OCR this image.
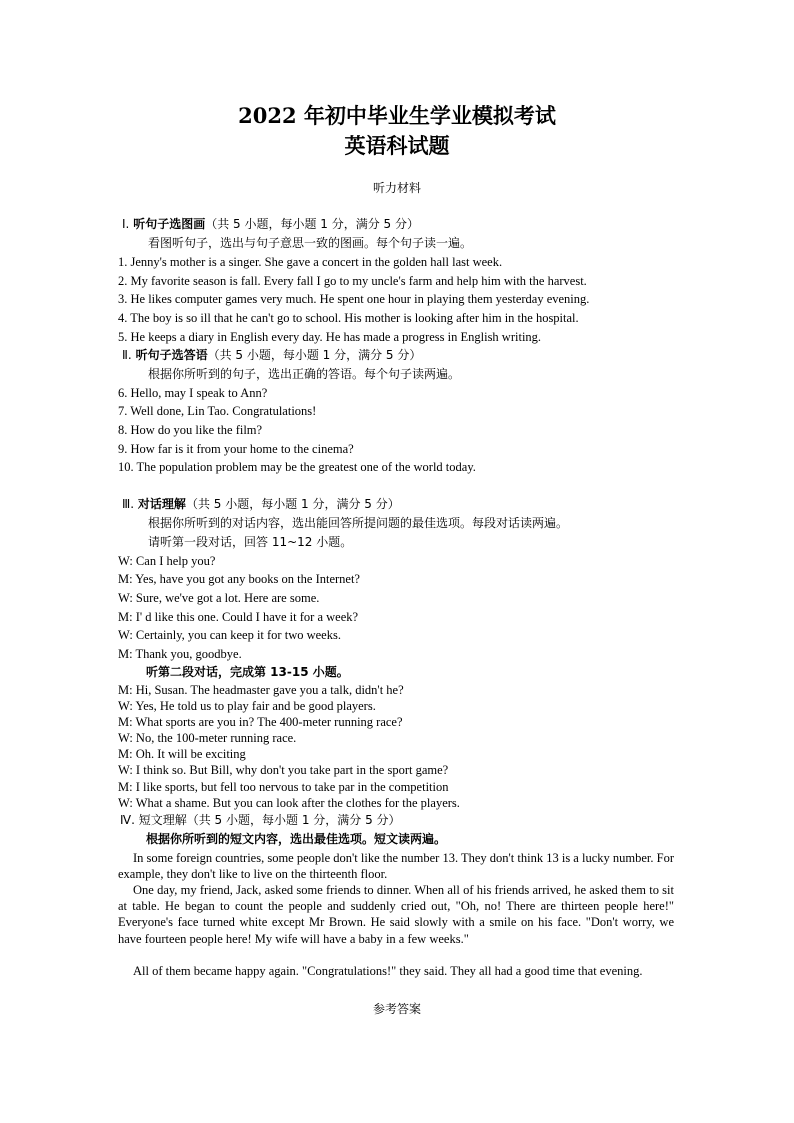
2022 年初中毕业生学业模拟考试
英语科试题
听力材料
Ⅰ. 听句子选图画（共 5 小题，每小题 1 分，满分 5 分）
看图听句子，选出与句子意思一致的图画。每个句子读一遍。
1. Jenny's mother is a singer. She gave a concert in the golden hall last week.
2. My favorite season is fall. Every fall I go to my uncle's farm and help him with the harvest.
3. He likes computer games very much. He spent one hour in playing them yesterday evening.
4. The boy is so ill that he can't go to school. His mother is looking after him in the hospital.
5. He keeps a diary in English every day. He has made a progress in English writing.
Ⅱ. 听句子选答语（共 5 小题，每小题 1 分，满分 5 分）
根据你所听到的句子，选出正确的答语。每个句子读两遍。
6. Hello, may I speak to Ann?
7. Well done, Lin Tao. Congratulations!
8. How do you like the film?
9. How far is it from your home to the cinema?
10. The population problem may be the greatest one of the world today.
Ⅲ. 对话理解（共 5 小题，每小题 1 分，满分 5 分）
根据你所听到的对话内容，选出能回答所提问题的最佳选项。每段对话读两遍。
请听第一段对话，回答 11~12 小题。
W: Can I help you?
M: Yes, have you got any books on the Internet?
W: Sure, we've got a lot. Here are some.
M: I' d like this one. Could I have it for a week?
W: Certainly, you can keep it for two weeks.
M: Thank you, goodbye.
听第二段对话，完成第 13-15 小题。
M: Hi, Susan. The headmaster gave you a talk, didn't he?
W: Yes, He told us to play fair and be good players.
M: What sports are you in? The 400-meter running race?
W: No, the 100-meter running race.
M: Oh. It will be exciting
W: I think so. But Bill, why don't you take part in the sport game?
M: I like sports, but fell too nervous to take par in the competition
W: What a shame. But you can look after the clothes for the players.
Ⅳ. 短文理解（共 5 小题，每小题 1 分，满分 5 分）
根据你所听到的短文内容，选出最佳选项。短文读两遍。

In some foreign countries, some people don't like the number 13. They don't think 13 is a lucky number. For example, they don't like to live on the thirteenth floor.

One day, my friend, Jack, asked some friends to dinner. When all of his friends arrived, he asked them to sit at table. He began to count the people and suddenly cried out, "Oh, no! There are thirteen people here!" Everyone's face turned white except Mr Brown. He said slowly with a smile on his face. "Don't worry, we have fourteen people here! My wife will have a baby in a few weeks."

All of them became happy again. "Congratulations!" they said. They all had a good time that evening.

参考答案
